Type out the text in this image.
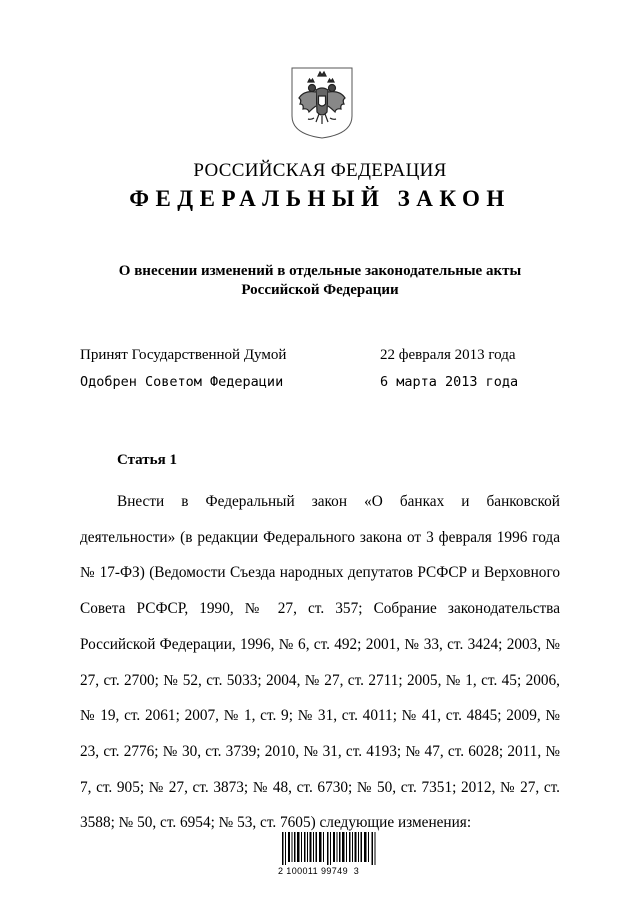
РОССИЙСКАЯ ФЕДЕРАЦИЯ
ФЕДЕРАЛЬНЫЙ ЗАКОН
О внесении изменений в отдельные законодательные акты
Российской Федерации
Принят Государственной Думой	22 февраля 2013 года
Одобрен Советом Федерации	6 марта 2013 года
Статья 1
Внести в Федеральный закон «О банках и банковской деятельности» (в редакции Федерального закона от 3 февраля 1996 года № 17-ФЗ) (Ведомости Съезда народных депутатов РСФСР и Верховного Совета РСФСР, 1990, № 27, ст. 357; Собрание законодательства Российской Федерации, 1996, № 6, ст. 492; 2001, № 33, ст. 3424; 2003, № 27, ст. 2700; № 52, ст. 5033; 2004, № 27, ст. 2711; 2005, № 1, ст. 45; 2006, № 19, ст. 2061; 2007, № 1, ст. 9; № 31, ст. 4011; № 41, ст. 4845; 2009, № 23, ст. 2776; № 30, ст. 3739; 2010, № 31, ст. 4193; № 47, ст. 6028; 2011, № 7, ст. 905; № 27, ст. 3873; № 48, ст. 6730; № 50, ст. 7351; 2012, № 27, ст. 3588; № 50, ст. 6954; № 53, ст. 7605) следующие изменения:
2 100011 99749  3
